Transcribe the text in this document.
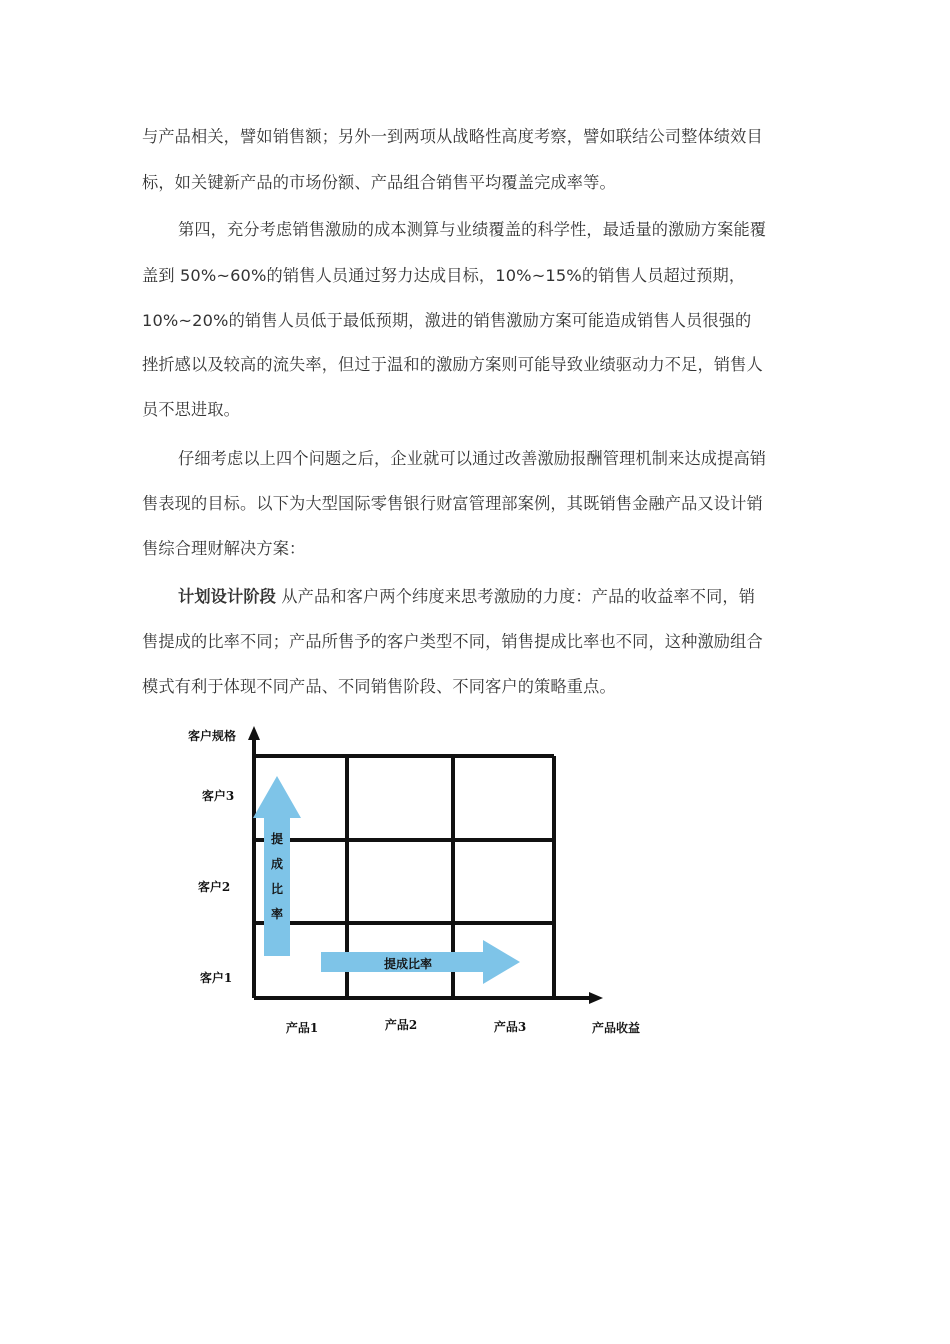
与产品相关，譬如销售额；另外一到两项从战略性高度考察，譬如联结公司整体绩效目
标，如关键新产品的市场份额、产品组合销售平均覆盖完成率等。
第四，充分考虑销售激励的成本测算与业绩覆盖的科学性，最适量的激励方案能覆
盖到 50%~60%的销售人员通过努力达成目标，10%~15%的销售人员超过预期，
10%~20%的销售人员低于最低预期，激进的销售激励方案可能造成销售人员很强的
挫折感以及较高的流失率，但过于温和的激励方案则可能导致业绩驱动力不足，销售人
员不思进取。
仔细考虑以上四个问题之后，企业就可以通过改善激励报酬管理机制来达成提高销
售表现的目标。以下为大型国际零售银行财富管理部案例，其既销售金融产品又设计销
售综合理财解决方案：
计划设计阶段 从产品和客户两个纬度来思考激励的力度：产品的收益率不同，销
售提成的比率不同；产品所售予的客户类型不同，销售提成比率也不同，这种激励组合
模式有利于体现不同产品、不同销售阶段、不同客户的策略重点。
提
成
比
率
提成比率
客户规格
产品收益
客户3
客户2
客户1
产品1	产品2	产品3
